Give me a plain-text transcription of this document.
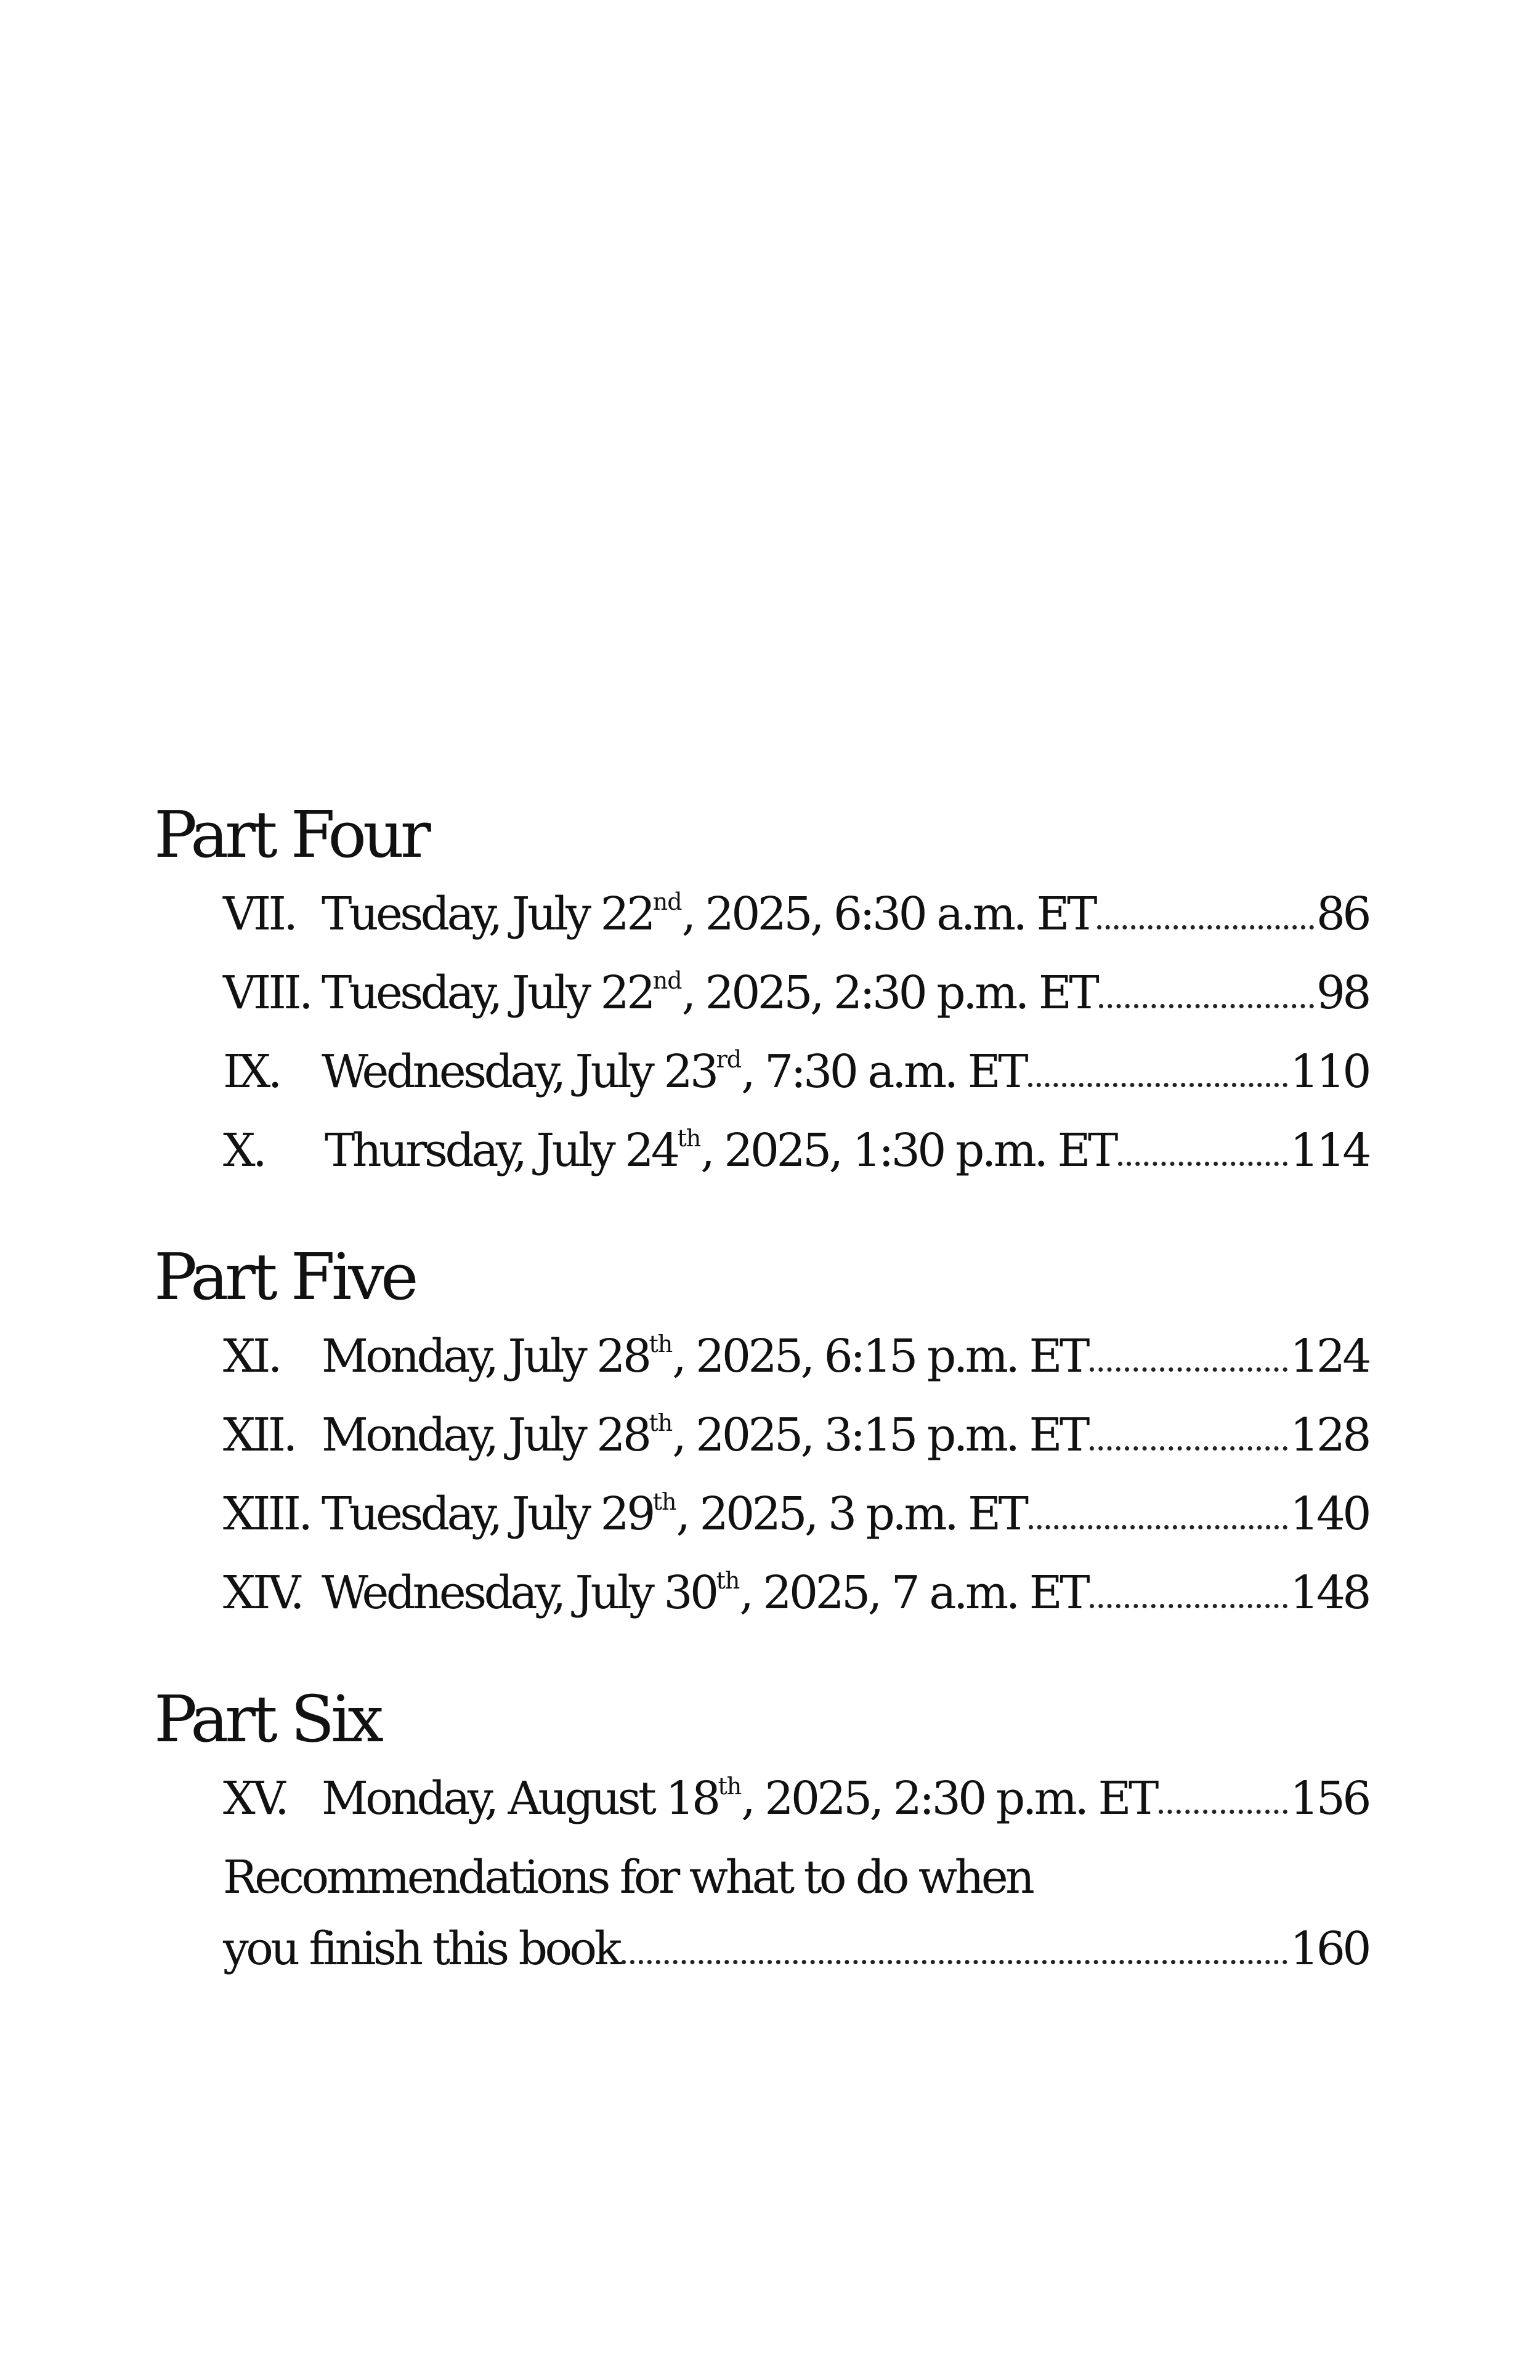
Part Four
VII. Tuesday, July 22nd, 2025, 6:30 a.m. ET	86
VIII. Tuesday, July 22nd, 2025, 2:30 p.m. ET	98
IX. Wednesday, July 23rd, 7:30 a.m. ET	110
X.	Thursday, July 24th, 2025, 1:30 p.m. ET	114
Part Five
XI. Monday, July 28th, 2025, 6:15 p.m. ET	124
XII. Monday, July 28th, 2025, 3:15 p.m. ET	128
XIII. Tuesday, July 29th, 2025, 3 p.m. ET	140
XIV. Wednesday, July 30th, 2025, 7 a.m. ET	148
Part Six
XV. Monday, August 18th, 2025, 2:30 p.m. ET	156
Recommendations for what to do when
you finish this book	160
